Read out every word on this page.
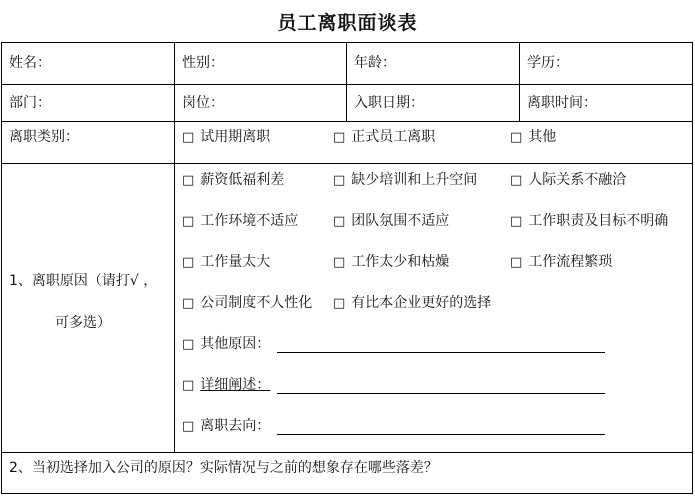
员工离职面谈表
姓名：	性别：	年龄：	学历：
部门：	岗位：	入职日期：	离职时间：
离职类别：	□ 试用期离职	□ 正式员工离职	□ 其他
1、离职原因（请打√ ，
可多选）
□ 薪资低福利差	□ 缺少培训和上升空间	□ 人际关系不融洽
□ 工作环境不适应	□ 团队氛围不适应	□ 工作职责及目标不明确
□ 工作量太大	□ 工作太少和枯燥	□ 工作流程繁琐
□ 公司制度不人性化 □ 有比本企业更好的选择
□ 其他原因：
□ 详细阐述：
□ 离职去向：
2、当初选择加入公司的原因？实际情况与之前的想象存在哪些落差？
